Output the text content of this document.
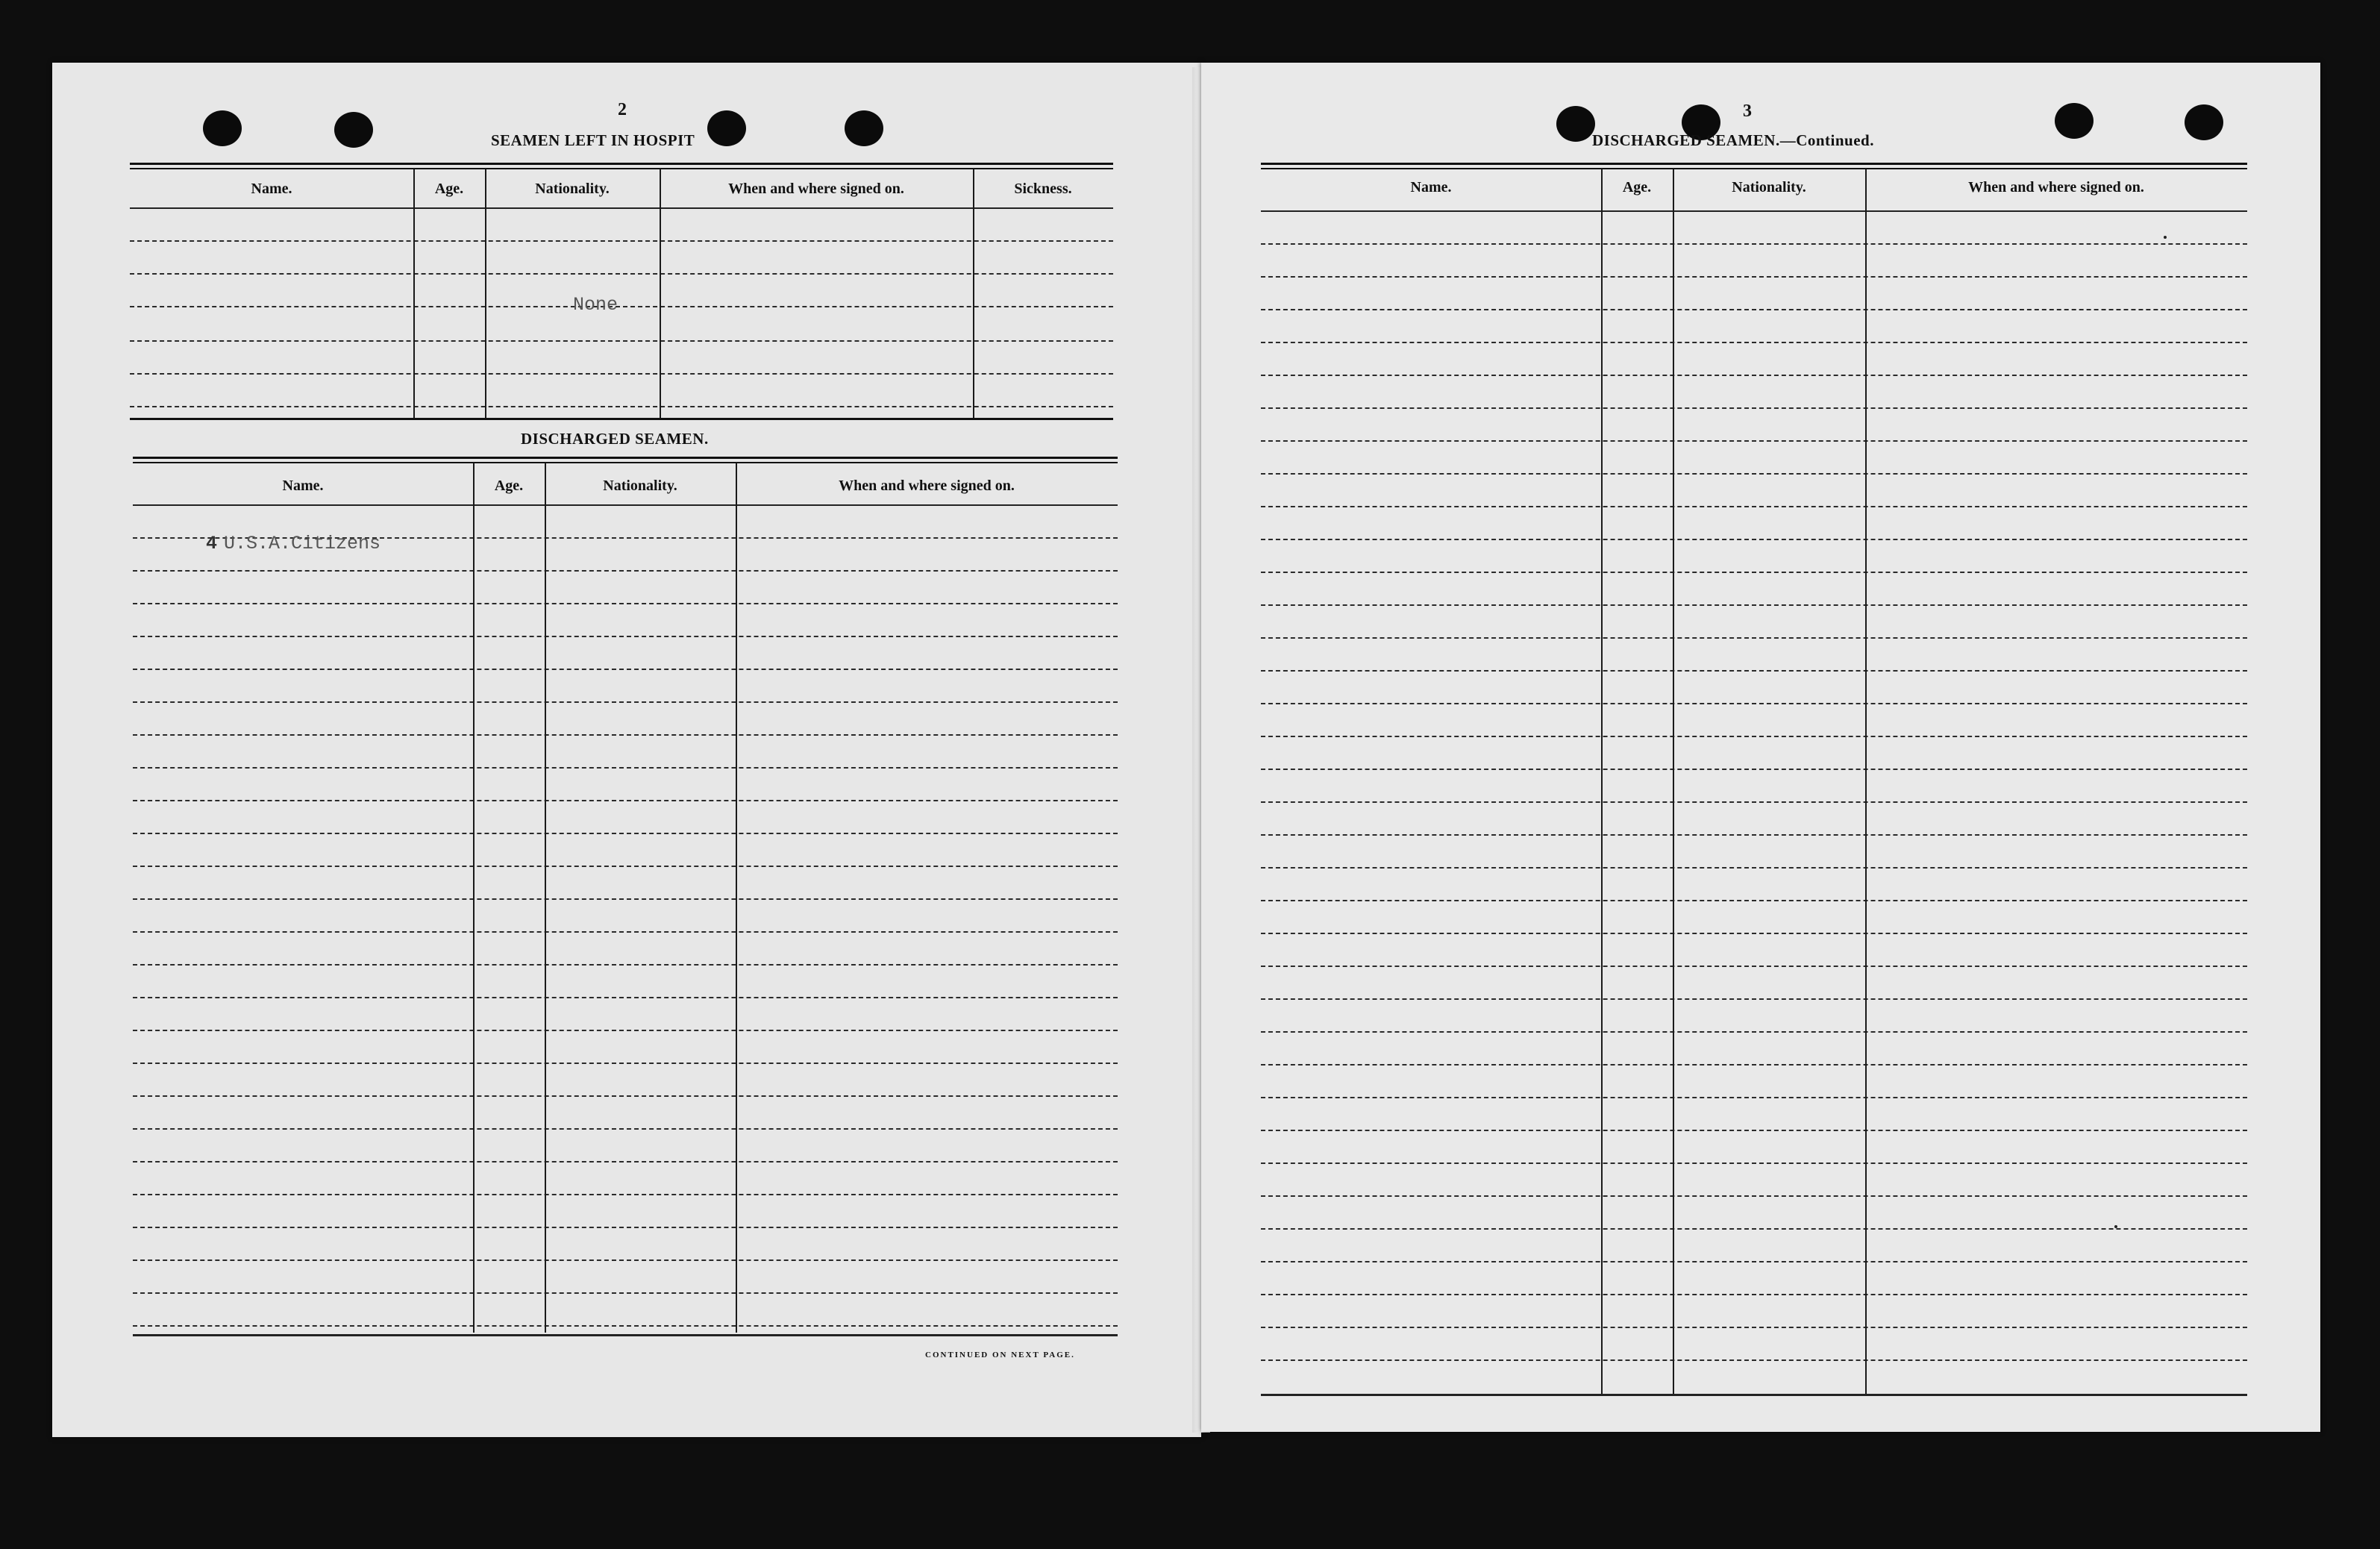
2
SEAMEN LEFT IN HOSPIT
Name.	Age.	Nationality.	When and where signed on.	Sickness.
None
DISCHARGED SEAMEN.
Name.	Age.	Nationality.	When and where signed on.
4 U.S.A.Citizens
CONTINUED ON NEXT PAGE.
3
DISCHARGED SEAMEN.—Continued.
Name.	Age.	Nationality.	When and where signed on.
